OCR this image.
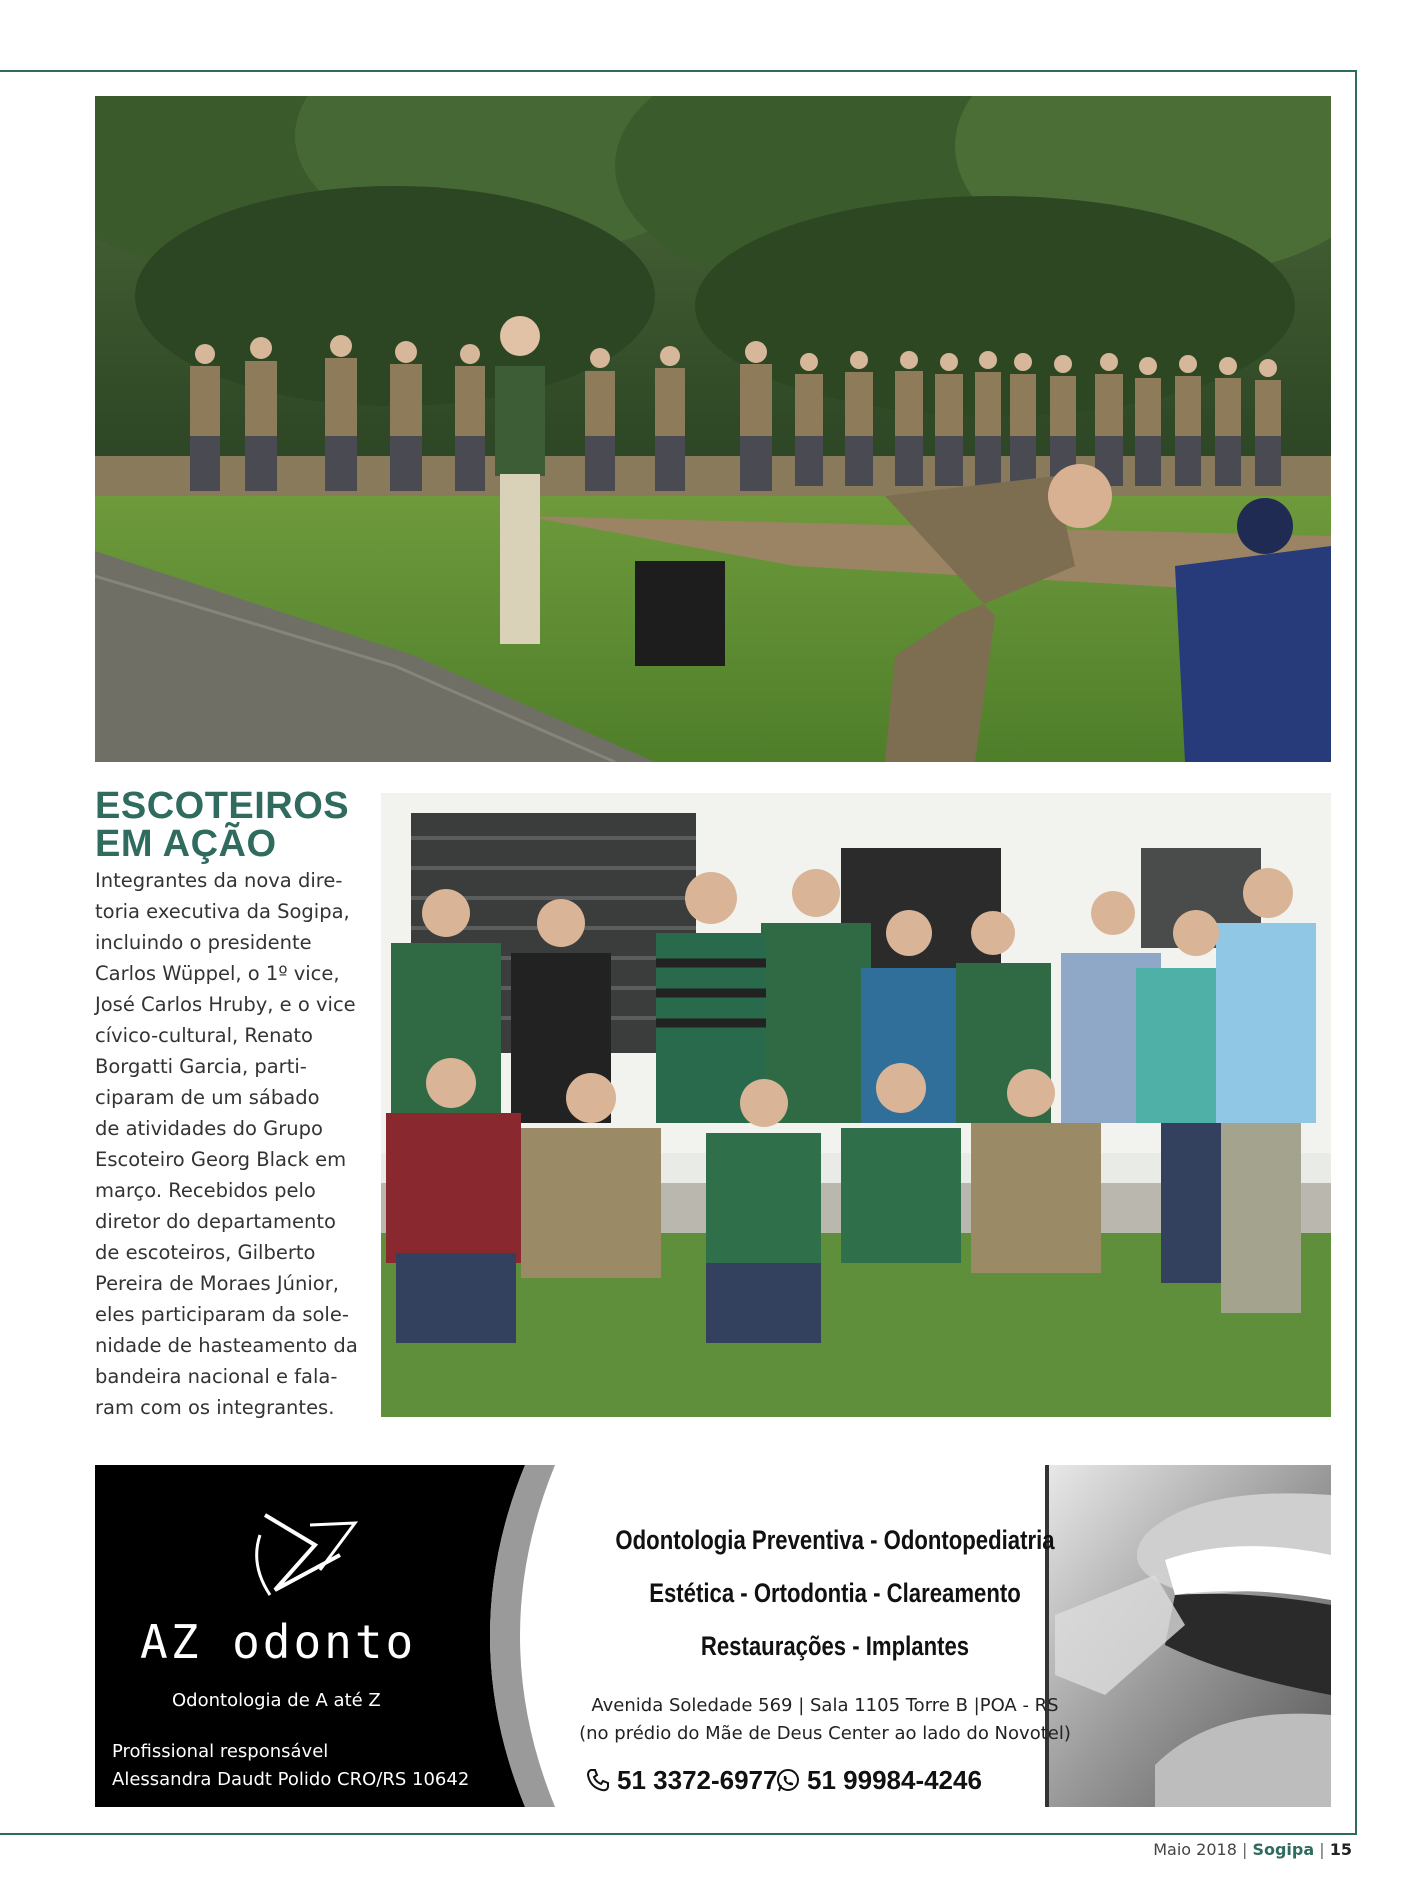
ESCOTEIROS
EM AÇÃO

Integrantes da nova dire-
toria executiva da Sogipa,
incluindo o presidente
Carlos Wüppel, o 1º vice,
José Carlos Hruby, e o vice
cívico-cultural, Renato
Borgatti Garcia, parti-
ciparam de um sábado
de atividades do Grupo
Escoteiro Georg Black em
março. Recebidos pelo
diretor do departamento
de escoteiros, Gilberto
Pereira de Moraes Júnior,
eles participaram da sole-
nidade de hasteamento da
bandeira nacional e fala-
ram com os integrantes.

AZ odonto
Odontologia de A até Z
Profissional responsável
Alessandra Daudt Polido CRO/RS 10642
Odontologia Preventiva - Odontopediatria
Estética - Ortodontia - Clareamento
Restaurações - Implantes
Avenida Soledade 569 | Sala 1105 Torre B |POA - RS
(no prédio do Mãe de Deus Center ao lado do Novotel)
51 3372-6977 51 99984-4246
Maio 2018 | Sogipa | 15
